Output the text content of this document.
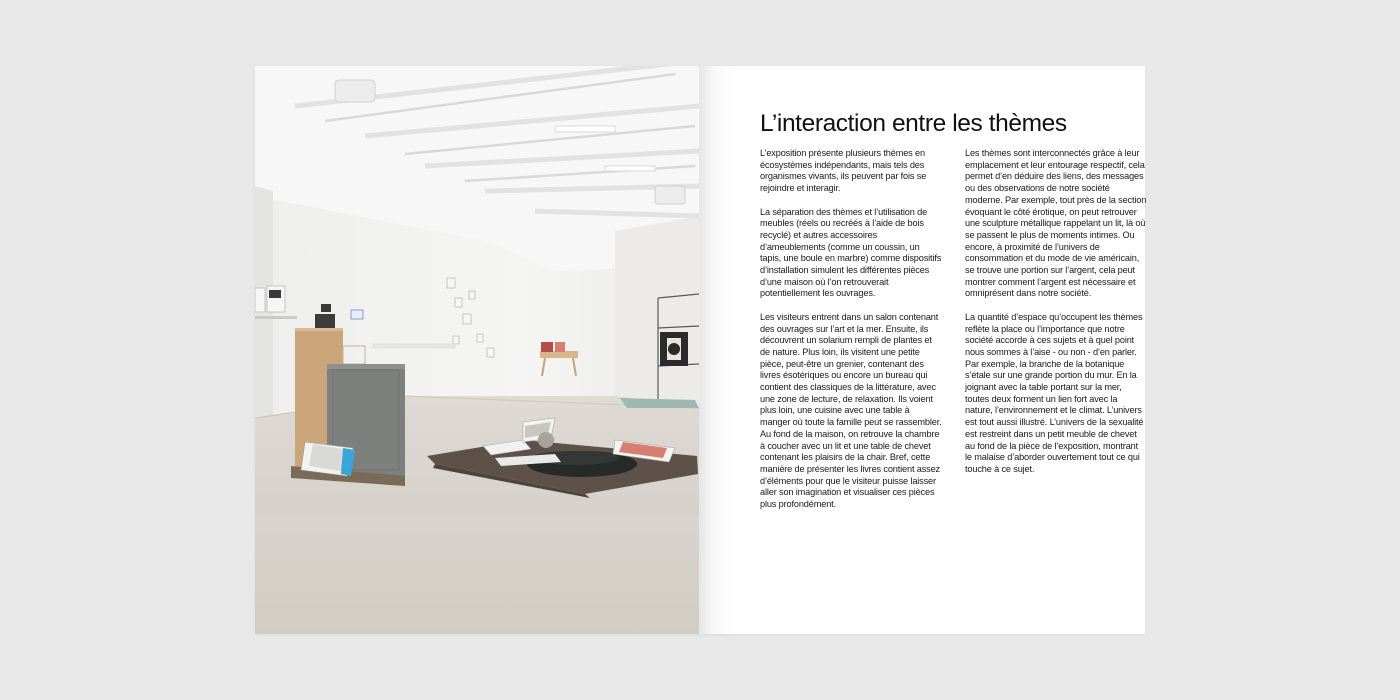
L’interaction entre les thèmes

L’exposition présente plusieurs thèmes en écosystèmes indépendants, mais tels des organismes vivants, ils peuvent par fois se rejoindre et interagir.

La séparation des thèmes et l’utilisation de meubles (réels ou recréés à l’aide de bois recyclé) et autres accessoires d’ameublements (comme un coussin, un tapis, une boule en marbre) comme dispositifs d’installation simulent les différentes pièces d’une maison où l’on retrouverait potentiellement les ouvrages.

Les visiteurs entrent dans un salon contenant des ouvrages sur l’art et la mer. Ensuite, ils découvrent un solarium rempli de plantes et de nature. Plus loin, ils visitent une petite pièce, peut-être un grenier, contenant des livres ésotériques ou encore un bureau qui contient des classiques de la littérature, avec une zone de lecture, de relaxation. Ils voient plus loin, une cuisine avec une table à manger où toute la famille peut se rassembler. Au fond de la maison, on retrouve la chambre à coucher avec un lit et une table de chevet contenant les plaisirs de la chair. Bref, cette manière de présenter les livres contient assez d’éléments pour que le visiteur puisse laisser aller son imagination et visualiser ces pièces plus profondément.

Les thèmes sont interconnectés grâce à leur emplacement et leur entourage respectif, cela permet d’en déduire des liens, des messages ou des observations de notre société moderne. Par exemple, tout près de la section évoquant le côté érotique, on peut retrouver une sculpture métallique rappelant un lit, là où se passent le plus de moments intimes. Ou encore, à proximité de l’univers de consommation et du mode de vie américain, se trouve une portion sur l’argent, cela peut montrer comment l’argent est nécessaire et omniprésent dans notre société.

La quantité d’espace qu’occupent les thèmes reflète la place ou l’importance que notre société accorde à ces sujets et à quel point nous sommes à l’aise - ou non - d’en parler. Par exemple, la branche de la botanique s’étale sur une grande portion du mur. En la joignant avec la table portant sur la mer, toutes deux forment un lien fort avec la nature, l’environnement et le climat. L’univers est tout aussi illustré. L’univers de la sexualité est restreint dans un petit meuble de chevet au fond de la pièce de l’exposition, montrant le malaise d’aborder ouvertement tout ce qui touche à ce sujet.
